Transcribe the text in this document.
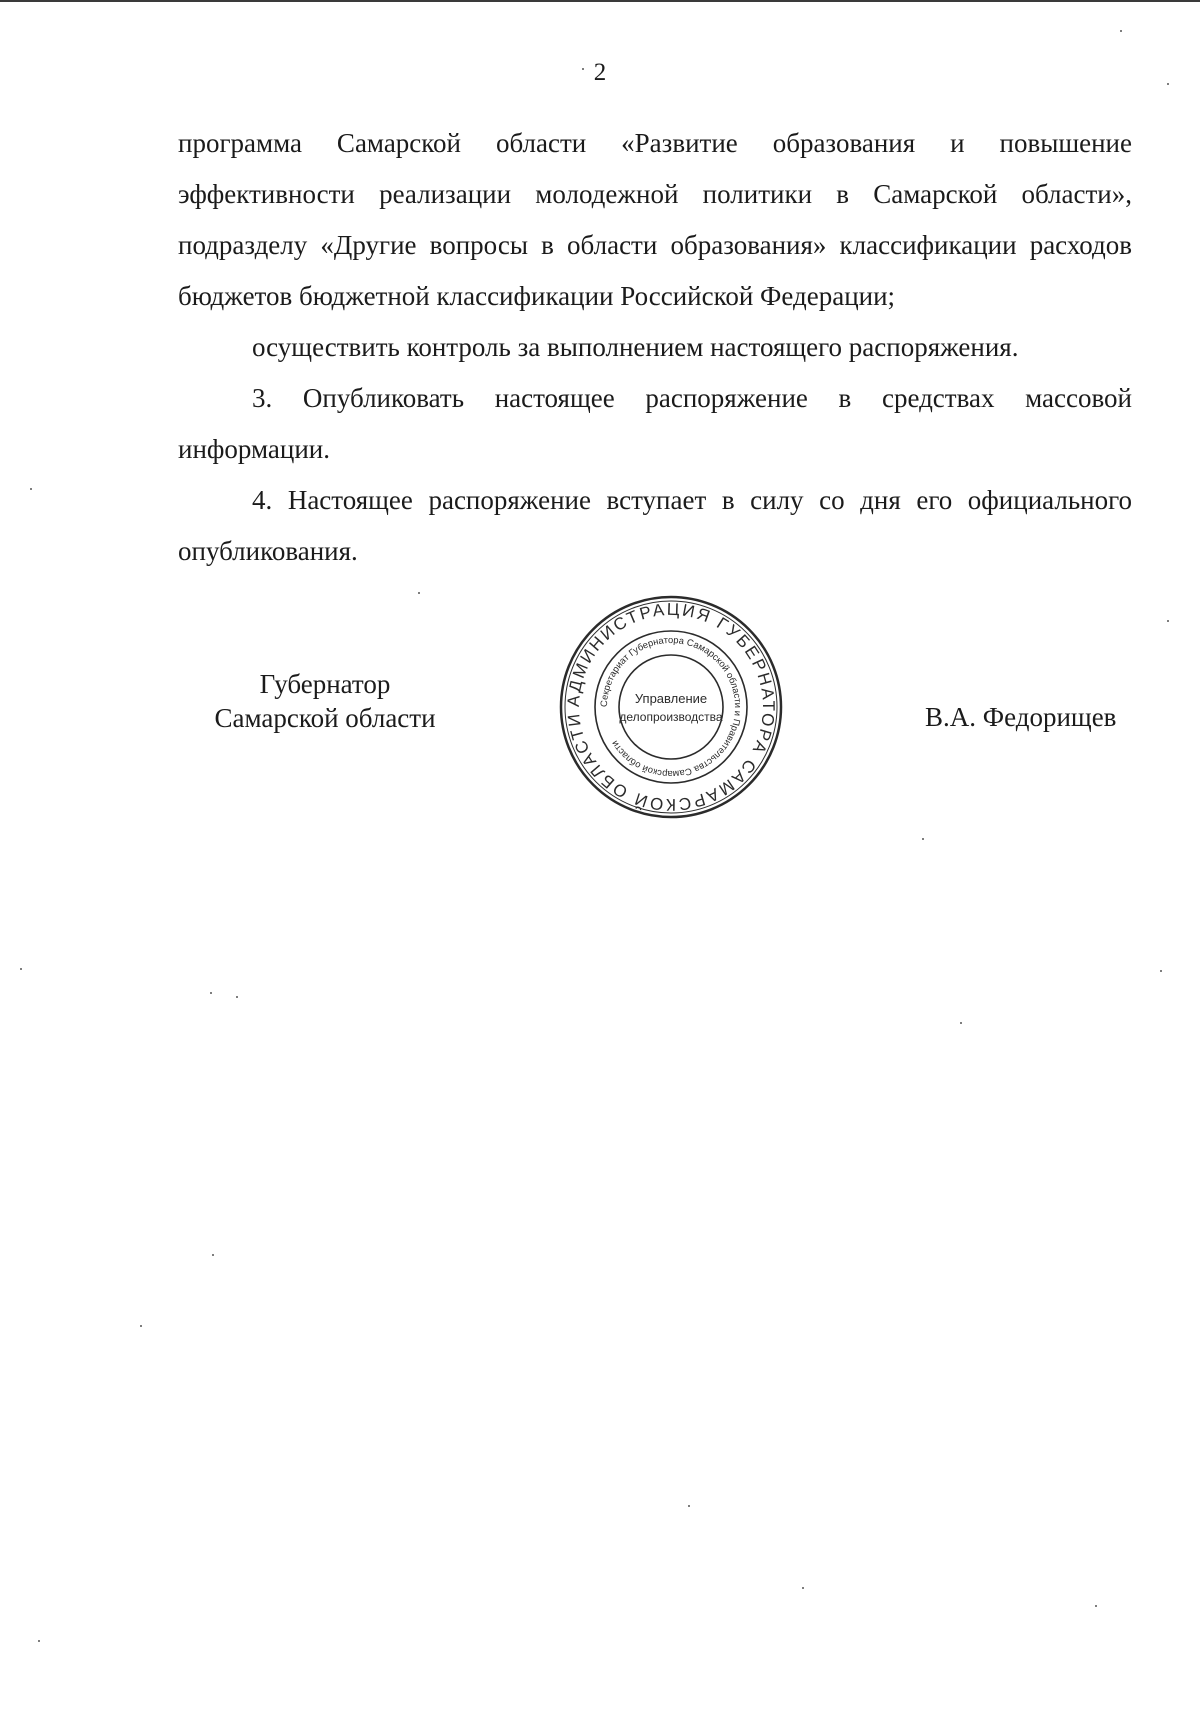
2

программа Самарской области «Развитие образования и повышение эффективности реализации молодежной политики в Самарской области», подразделу «Другие вопросы в области образования» классификации расходов бюджетов бюджетной классификации Российской Федерации;

осуществить контроль за выполнением настоящего распоряжения.

3. Опубликовать настоящее распоряжение в средствах массовой информации.

4. Настоящее распоряжение вступает в силу со дня его официального опубликования.

Губернатор
Самарской области
АДМИНИСТРАЦИЯ ГУБЕРНАТОРА САМАРСКОЙ ОБЛАСТИ
Секретариат Губернатора Самарской области и Правительства Самарской области
Управление
делопроизводства	В.А. Федорищев
